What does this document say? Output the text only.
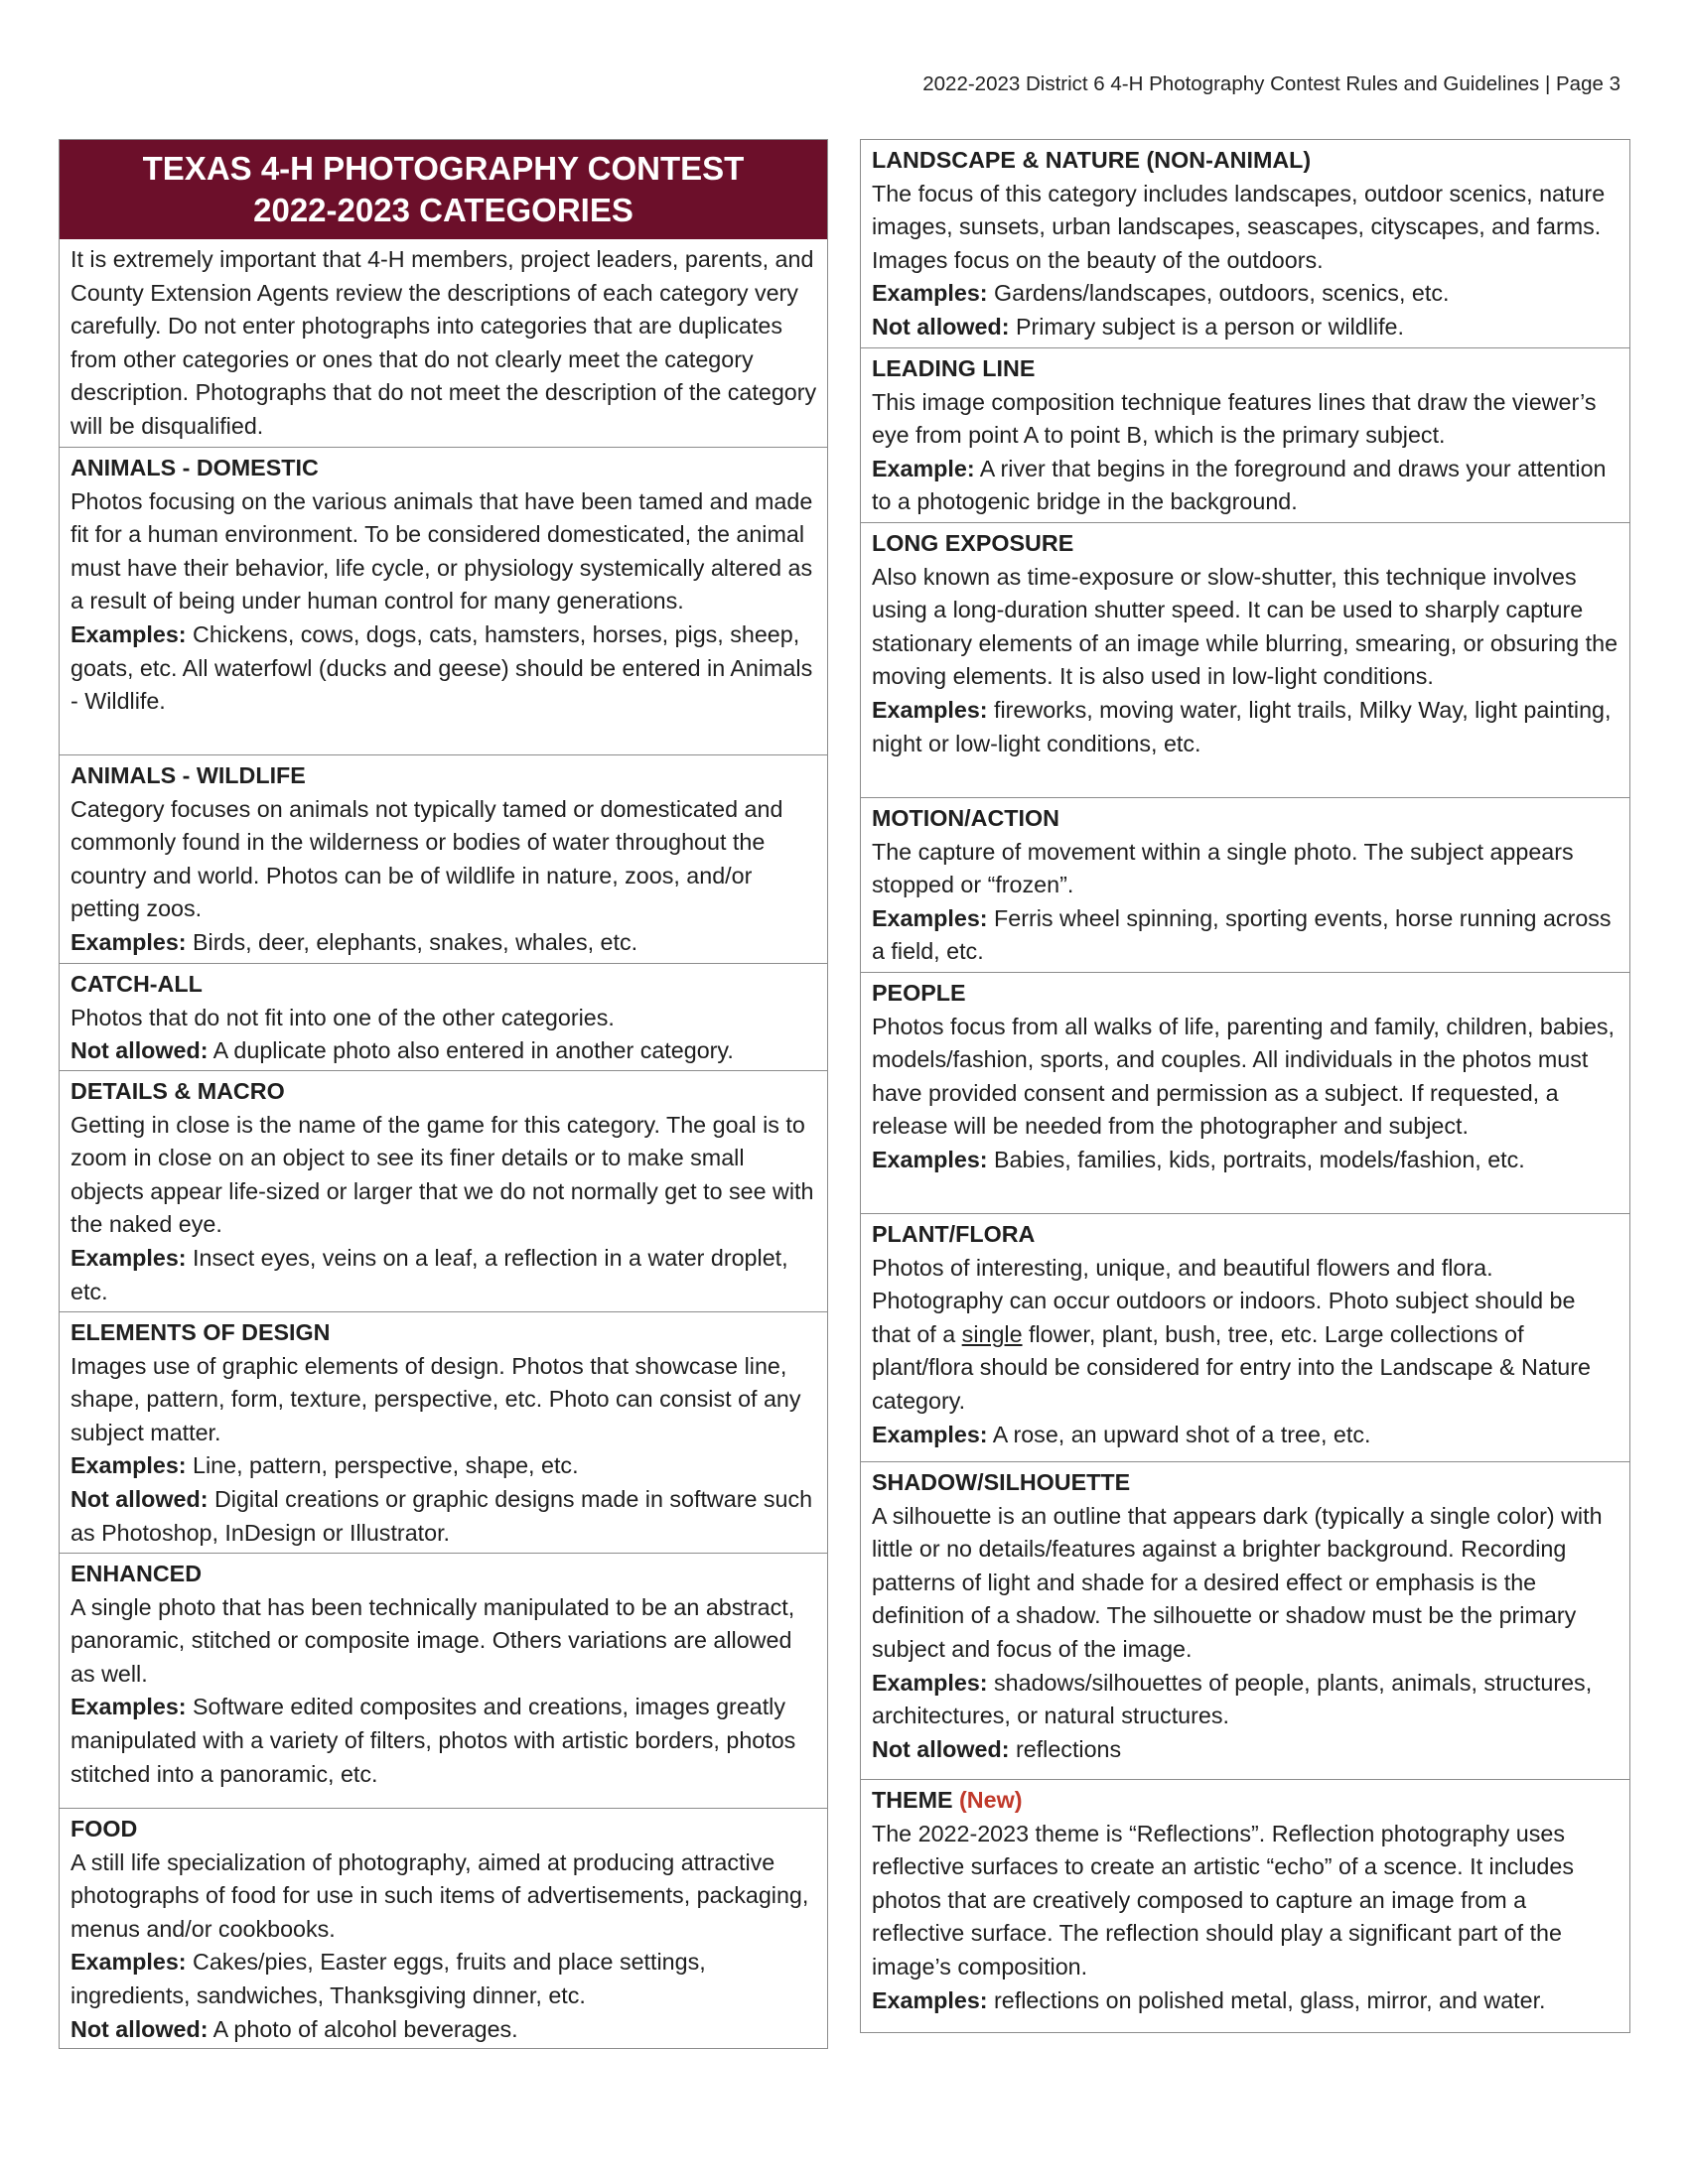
2022-2023 District 6 4-H Photography Contest Rules and Guidelines | Page 3
TEXAS 4-H PHOTOGRAPHY CONTEST
2022-2023 CATEGORIES
It is extremely important that 4-H members, project leaders, parents, and County Extension Agents review the descriptions of each category very carefully. Do not enter photographs into categories that are duplicates from other categories or ones that do not clearly meet the category description. Photographs that do not meet the description of the category will be disqualified.
ANIMALS - DOMESTIC
Photos focusing on the various animals that have been tamed and made fit for a human environment. To be considered domesticated, the animal must have their behavior, life cycle, or physiology systemically altered as a result of being under human control for many generations.
Examples: Chickens, cows, dogs, cats, hamsters, horses, pigs, sheep, goats, etc. All waterfowl (ducks and geese) should be entered in Animals - Wildlife.
ANIMALS - WILDLIFE
Category focuses on animals not typically tamed or domesticated and commonly found in the wilderness or bodies of water throughout the country and world. Photos can be of wildlife in nature, zoos, and/or petting zoos.
Examples: Birds, deer, elephants, snakes, whales, etc.
CATCH-ALL
Photos that do not fit into one of the other categories.
Not allowed: A duplicate photo also entered in another category.
DETAILS & MACRO
Getting in close is the name of the game for this category. The goal is to zoom in close on an object to see its finer details or to make small objects appear life-sized or larger that we do not normally get to see with the naked eye.
Examples: Insect eyes, veins on a leaf, a reflection in a water droplet, etc.
ELEMENTS OF DESIGN
Images use of graphic elements of design. Photos that showcase line, shape, pattern, form, texture, perspective, etc. Photo can consist of any subject matter.
Examples: Line, pattern, perspective, shape, etc.
Not allowed: Digital creations or graphic designs made in software such as Photoshop, InDesign or Illustrator.
ENHANCED
A single photo that has been technically manipulated to be an abstract, panoramic, stitched or composite image. Others variations are allowed as well.
Examples: Software edited composites and creations, images greatly manipulated with a variety of filters, photos with artistic borders, photos stitched into a panoramic, etc.
FOOD
A still life specialization of photography, aimed at producing attractive photographs of food for use in such items of advertisements, packaging, menus and/or cookbooks.
Examples: Cakes/pies, Easter eggs, fruits and place settings, ingredients, sandwiches, Thanksgiving dinner, etc.
Not allowed: A photo of alcohol beverages.
LANDSCAPE & NATURE (NON-ANIMAL)
The focus of this category includes landscapes, outdoor scenics, nature images, sunsets, urban landscapes, seascapes, cityscapes, and farms. Images focus on the beauty of the outdoors.
Examples: Gardens/landscapes, outdoors, scenics, etc.
Not allowed: Primary subject is a person or wildlife.
LEADING LINE
This image composition technique features lines that draw the viewer’s eye from point A to point B, which is the primary subject.
Example: A river that begins in the foreground and draws your attention to a photogenic bridge in the background.
LONG EXPOSURE
Also known as time-exposure or slow-shutter, this technique involves using a long-duration shutter speed. It can be used to sharply capture stationary elements of an image while blurring, smearing, or obsuring the moving elements. It is also used in low-light conditions.
Examples: fireworks, moving water, light trails, Milky Way, light painting, night or low-light conditions, etc.
MOTION/ACTION
The capture of movement within a single photo. The subject appears stopped or “frozen”.
Examples: Ferris wheel spinning, sporting events, horse running across a field, etc.
PEOPLE
Photos focus from all walks of life, parenting and family, children, babies, models/fashion, sports, and couples. All individuals in the photos must have provided consent and permission as a subject. If requested, a release will be needed from the photographer and subject.
Examples: Babies, families, kids, portraits, models/fashion, etc.
PLANT/FLORA
Photos of interesting, unique, and beautiful flowers and flora. Photography can occur outdoors or indoors. Photo subject should be that of a single flower, plant, bush, tree, etc. Large collections of plant/flora should be considered for entry into the Landscape & Nature category.
Examples: A rose, an upward shot of a tree, etc.
SHADOW/SILHOUETTE
A silhouette is an outline that appears dark (typically a single color) with little or no details/features against a brighter background. Recording patterns of light and shade for a desired effect or emphasis is the definition of a shadow. The silhouette or shadow must be the primary subject and focus of the image.
Examples: shadows/silhouettes of people, plants, animals, structures, architectures, or natural structures.
Not allowed: reflections
THEME (New)
The 2022-2023 theme is “Reflections”. Reflection photography uses reflective surfaces to create an artistic “echo” of a scence. It includes photos that are creatively composed to capture an image from a reflective surface. The reflection should play a significant part of the image’s composition.
Examples: reflections on polished metal, glass, mirror, and water.
